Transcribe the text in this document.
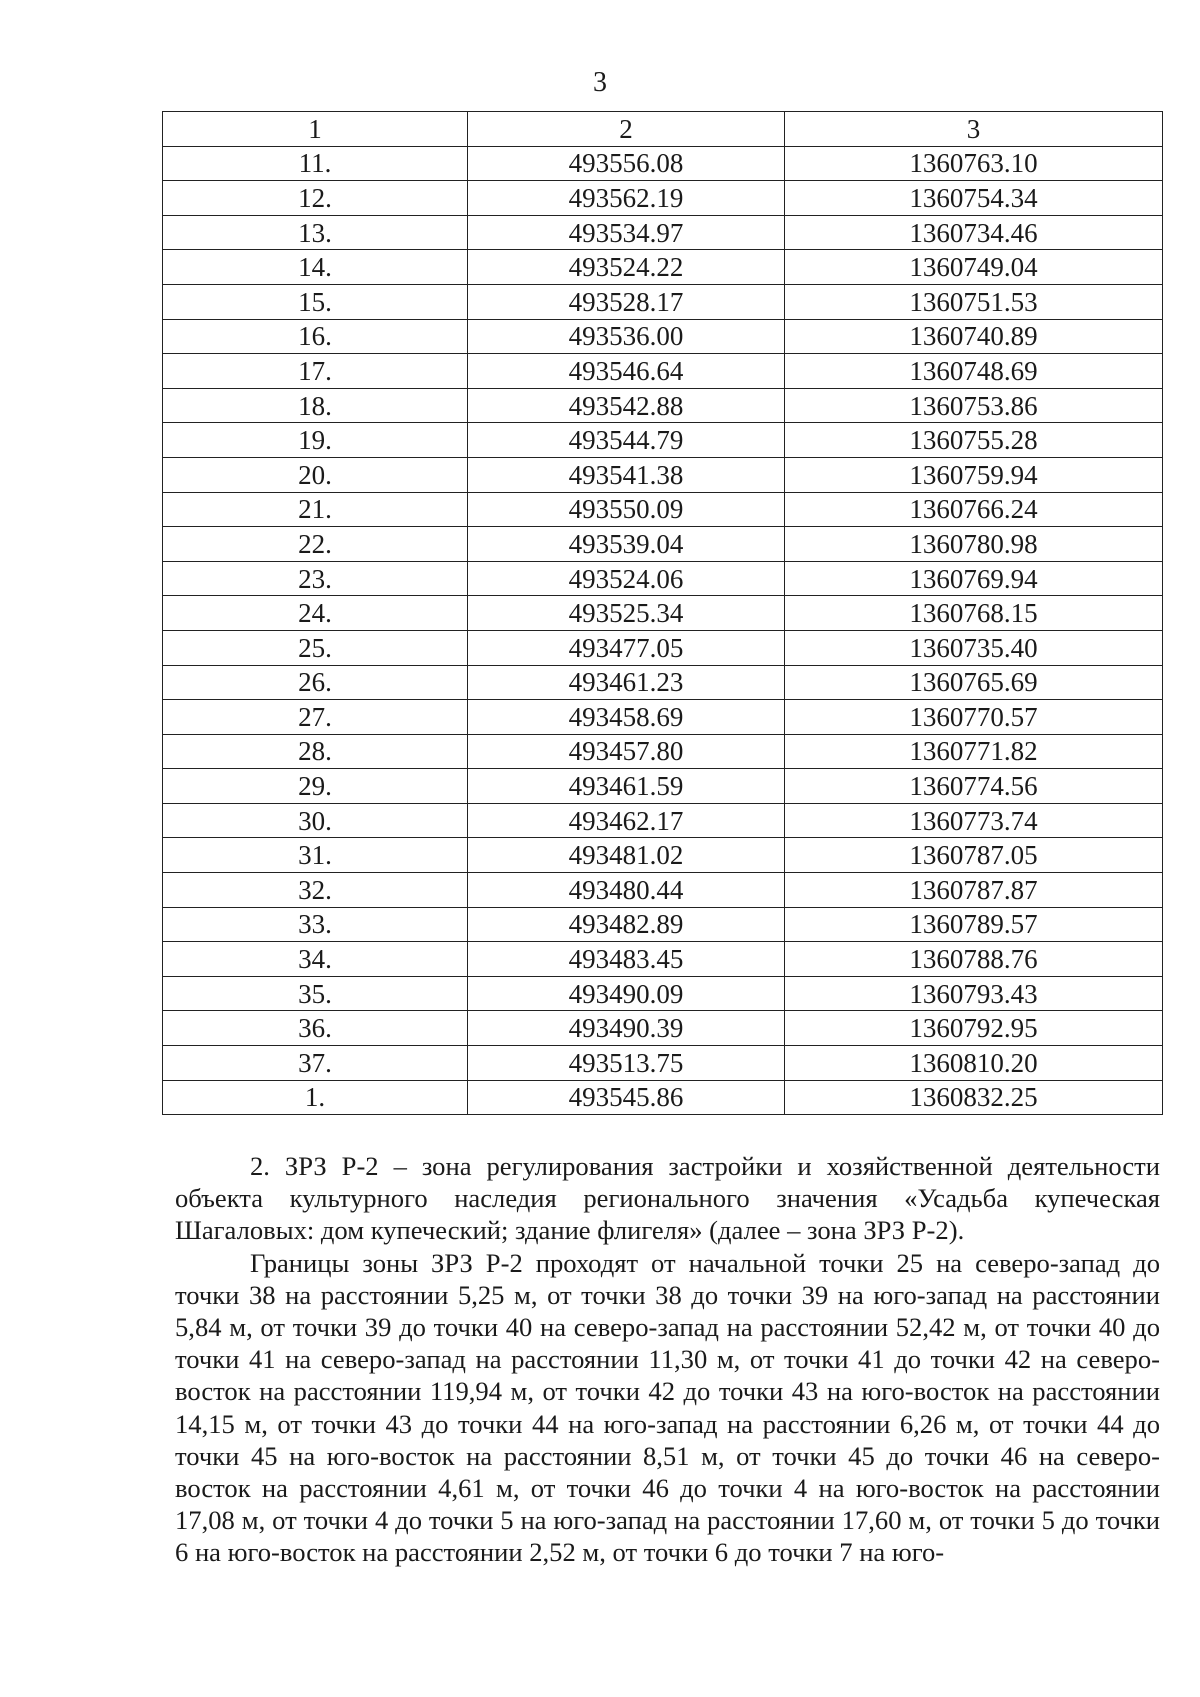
3
1	2	3
11.	493556.08	1360763.10
12.	493562.19	1360754.34
13.	493534.97	1360734.46
14.	493524.22	1360749.04
15.	493528.17	1360751.53
16.	493536.00	1360740.89
17.	493546.64	1360748.69
18.	493542.88	1360753.86
19.	493544.79	1360755.28
20.	493541.38	1360759.94
21.	493550.09	1360766.24
22.	493539.04	1360780.98
23.	493524.06	1360769.94
24.	493525.34	1360768.15
25.	493477.05	1360735.40
26.	493461.23	1360765.69
27.	493458.69	1360770.57
28.	493457.80	1360771.82
29.	493461.59	1360774.56
30.	493462.17	1360773.74
31.	493481.02	1360787.05
32.	493480.44	1360787.87
33.	493482.89	1360789.57
34.	493483.45	1360788.76
35.	493490.09	1360793.43
36.	493490.39	1360792.95
37.	493513.75	1360810.20
1.	493545.86	1360832.25

2. ЗРЗ Р-2 – зона регулирования застройки и хозяйственной деятельности объекта культурного наследия регионального значения «Усадьба купеческая Шагаловых: дом купеческий; здание флигеля» (далее – зона ЗРЗ Р-2).

Границы зоны ЗРЗ Р-2 проходят от начальной точки 25 на северо-запад до точки 38 на расстоянии 5,25 м, от точки 38 до точки 39 на юго-запад на расстоянии 5,84 м, от точки 39 до точки 40 на северо-запад на расстоянии 52,42 м, от точки 40 до точки 41 на северо-запад на расстоянии 11,30 м, от точки 41 до точки 42 на северо-восток на расстоянии 119,94 м, от точки 42 до точки 43 на юго-восток на расстоянии 14,15 м, от точки 43 до точки 44 на юго-запад на расстоянии 6,26 м, от точки 44 до точки 45 на юго-восток на расстоянии 8,51 м, от точки 45 до точки 46 на северо-восток на расстоянии 4,61 м, от точки 46 до точки 4 на юго-восток на расстоянии 17,08 м, от точки 4 до точки 5 на юго-запад на расстоянии 17,60 м, от точки 5 до точки 6 на юго-восток на расстоянии 2,52 м, от точки 6 до точки 7 на юго-
